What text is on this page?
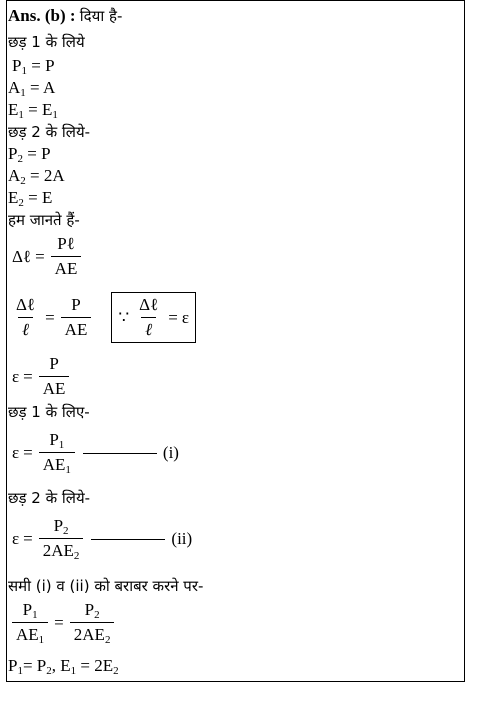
Ans. (b) : दिया है-
छड़ 1 के लिये
$P_1 = P$
$A_1 = A$
$E_1 = E_1$
छड़ 2 के लिये-
$P_2 = P$
$A_2 = 2A$
$E_2 = E$
हम जानते हैं-
Δℓ = $\frac{\text{Pℓ}}{AE}$
$\frac{\text{Δℓ}}{\text{ℓ}} = \frac{P}{AE}$ ∵ $\frac{\text{Δℓ}}{\text{ℓ}} = \varepsilon$
$\varepsilon = \frac{P}{AE}$
छड़ 1 के लिए-
$\varepsilon = \frac{P_1}{AE_1}$	(i)
छड़ 2 के लिये-
$\varepsilon = \frac{P_2}{2AE_2}$	(ii)
समी (i) व (ii) को बराबर करने पर-
$\frac{P_1}{AE_1} = \frac{P_2}{2AE_2}$
$P_1= P_2$, $E_1 = 2E_2$
